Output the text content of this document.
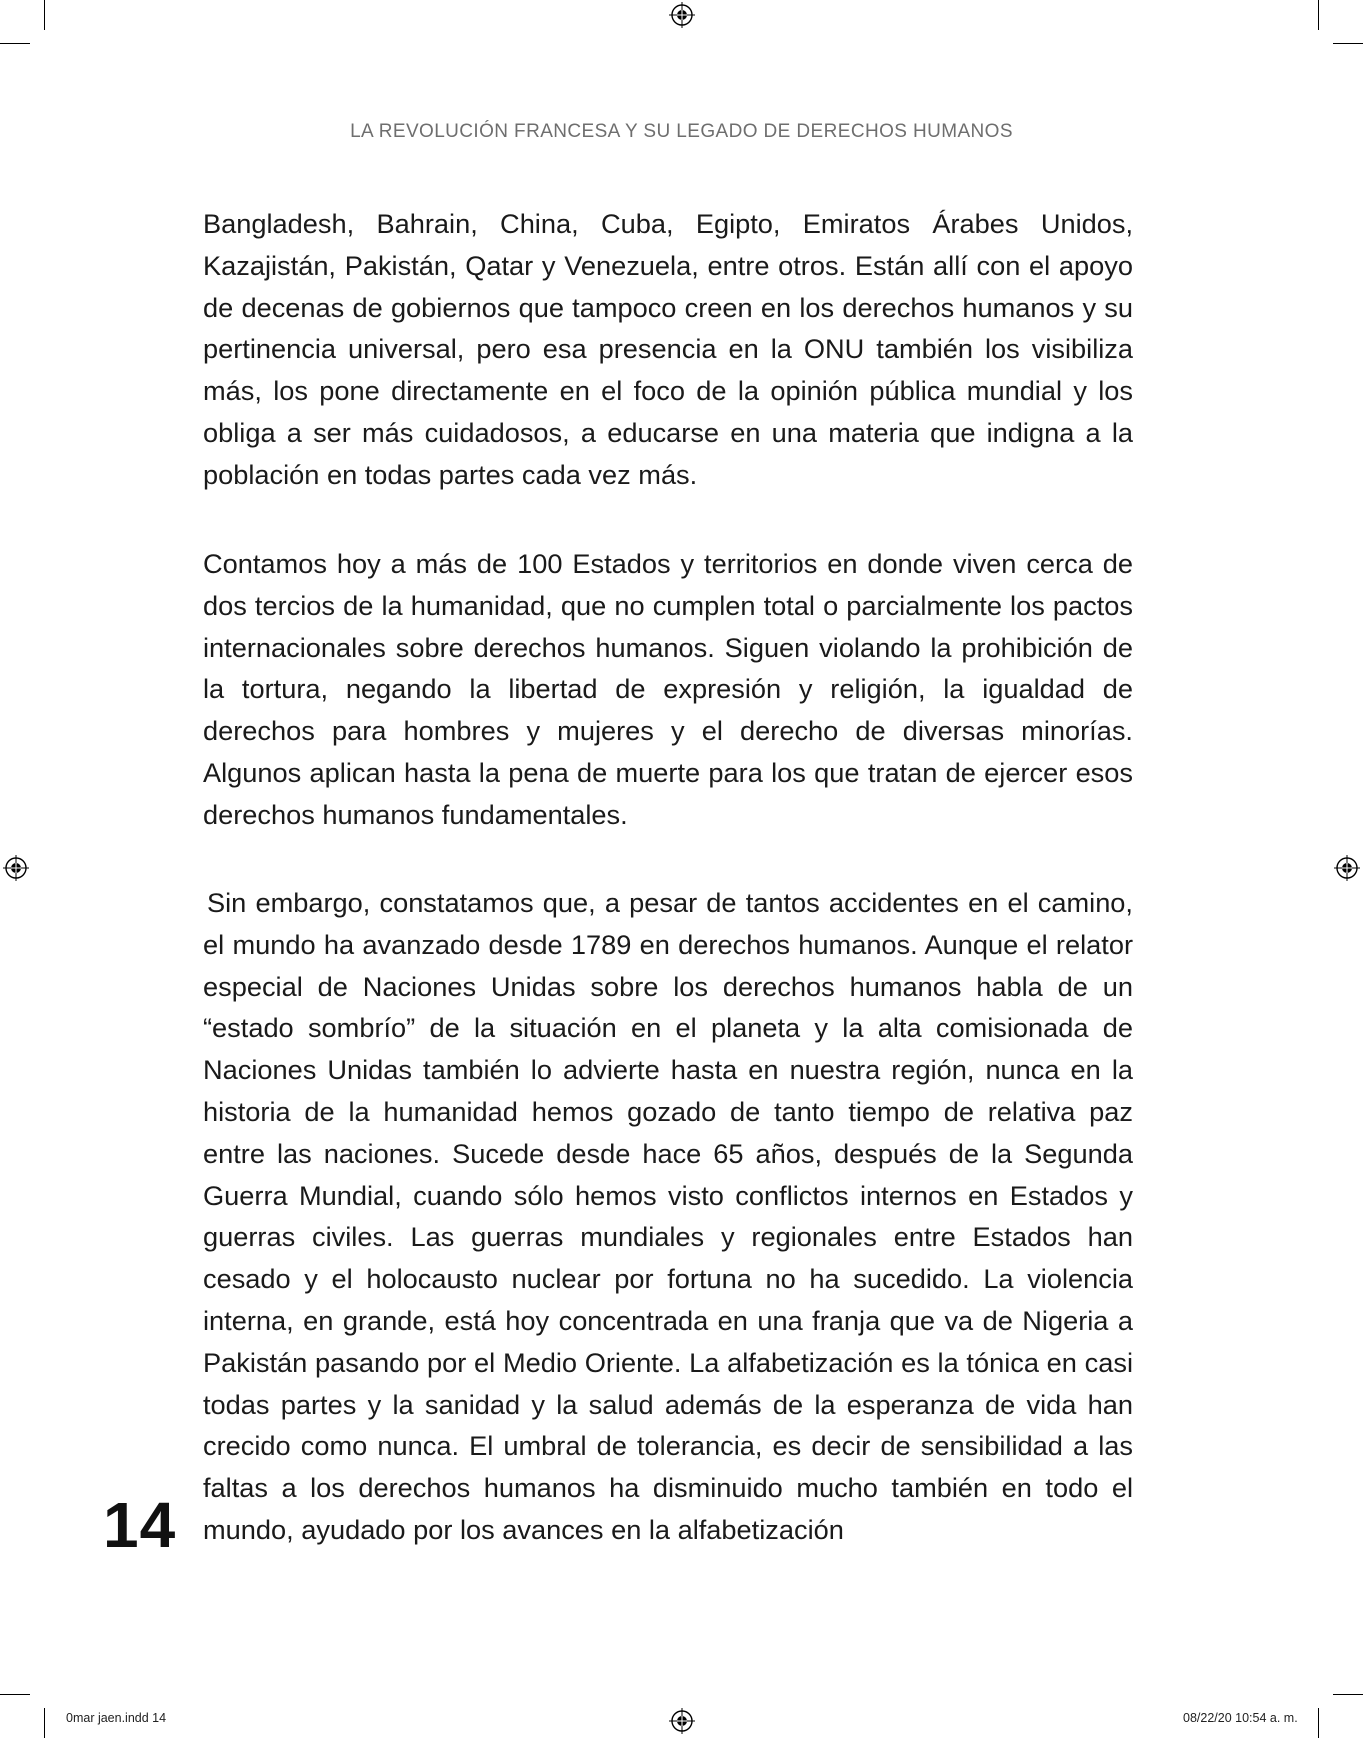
LA REVOLUCIÓN FRANCESA Y SU LEGADO DE DERECHOS HUMANOS

Bangladesh, Bahrain, China, Cuba, Egipto, Emiratos Árabes Unidos, Kazajistán, Pakistán, Qatar y Venezuela, entre otros. Están allí con el apoyo de decenas de gobiernos que tampoco creen en los derechos humanos y su pertinencia universal, pero esa presencia en la ONU también los visibiliza más, los pone directamente en el foco de la opinión pública mundial y los obliga a ser más cuidadosos, a educarse en una materia que indigna a la población en todas partes cada vez más.

Contamos hoy a más de 100 Estados y territorios en donde viven cerca de dos tercios de la humanidad, que no cumplen total o parcialmente los pactos internacionales sobre derechos humanos. Siguen violando la prohibición de la tortura, negando la libertad de expresión y religión, la igualdad de derechos para hombres y mujeres y el derecho de diversas minorías. Algunos aplican hasta la pena de muerte para los que tratan de ejercer esos derechos humanos fundamentales.

Sin embargo, constatamos que, a pesar de tantos accidentes en el camino, el mundo ha avanzado desde 1789 en derechos humanos. Aunque el relator especial de Naciones Unidas sobre los derechos humanos habla de un “estado sombrío” de la situación en el planeta y la alta comisionada de Naciones Unidas también lo advierte hasta en nuestra región, nunca en la historia de la humanidad hemos gozado de tanto tiempo de relativa paz entre las naciones. Sucede desde hace 65 años, después de la Segunda Guerra Mundial, cuando sólo hemos visto conflictos internos en Estados y guerras civiles. Las guerras mundiales y regionales entre Estados han cesado y el holocausto nuclear por fortuna no ha sucedido. La violencia interna, en grande, está hoy concentrada en una franja que va de Nigeria a Pakistán pasando por el Medio Oriente. La alfabetización es la tónica en casi todas partes y la sanidad y la salud además de la esperanza de vida han crecido como nunca. El umbral de tolerancia, es decir de sensibilidad a las faltas a los derechos humanos ha disminuido mucho también en todo el mundo, ayudado por los avances en la alfabetización

14
0mar jaen.indd 14	08/22/20 10:54 a. m.
